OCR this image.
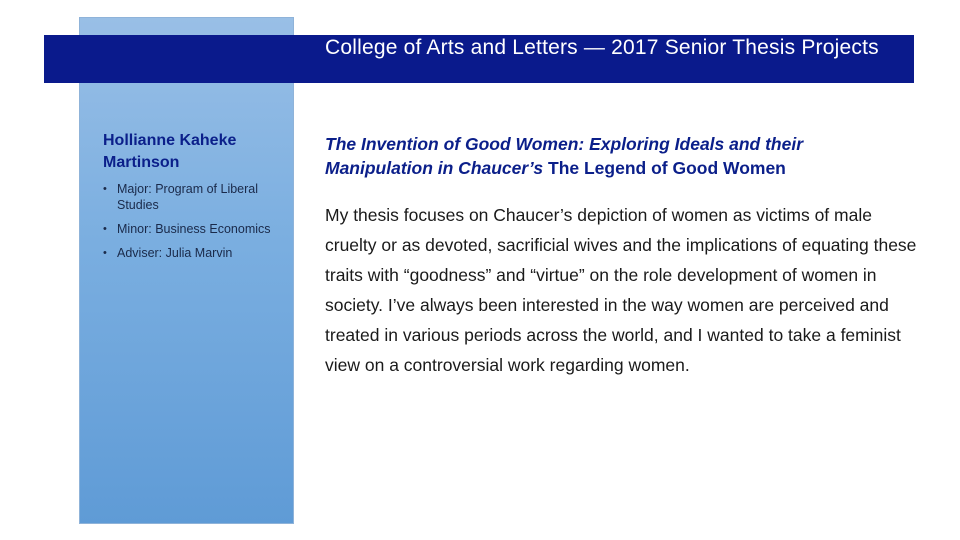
College of Arts and Letters — 2017 Senior Thesis Projects
Hollianne Kaheke Martinson
• Major: Program of Liberal Studies
• Minor: Business Economics
• Adviser: Julia Marvin

The Invention of Good Women: Exploring Ideals and their Manipulation in Chaucer’s The Legend of Good Women

My thesis focuses on Chaucer’s depiction of women as victims of male cruelty or as devoted, sacrificial wives and the implications of equating these traits with “goodness” and “virtue” on the role development of women in society. I’ve always been interested in the way women are perceived and treated in various periods across the world, and I wanted to take a feminist view on a controversial work regarding women.
